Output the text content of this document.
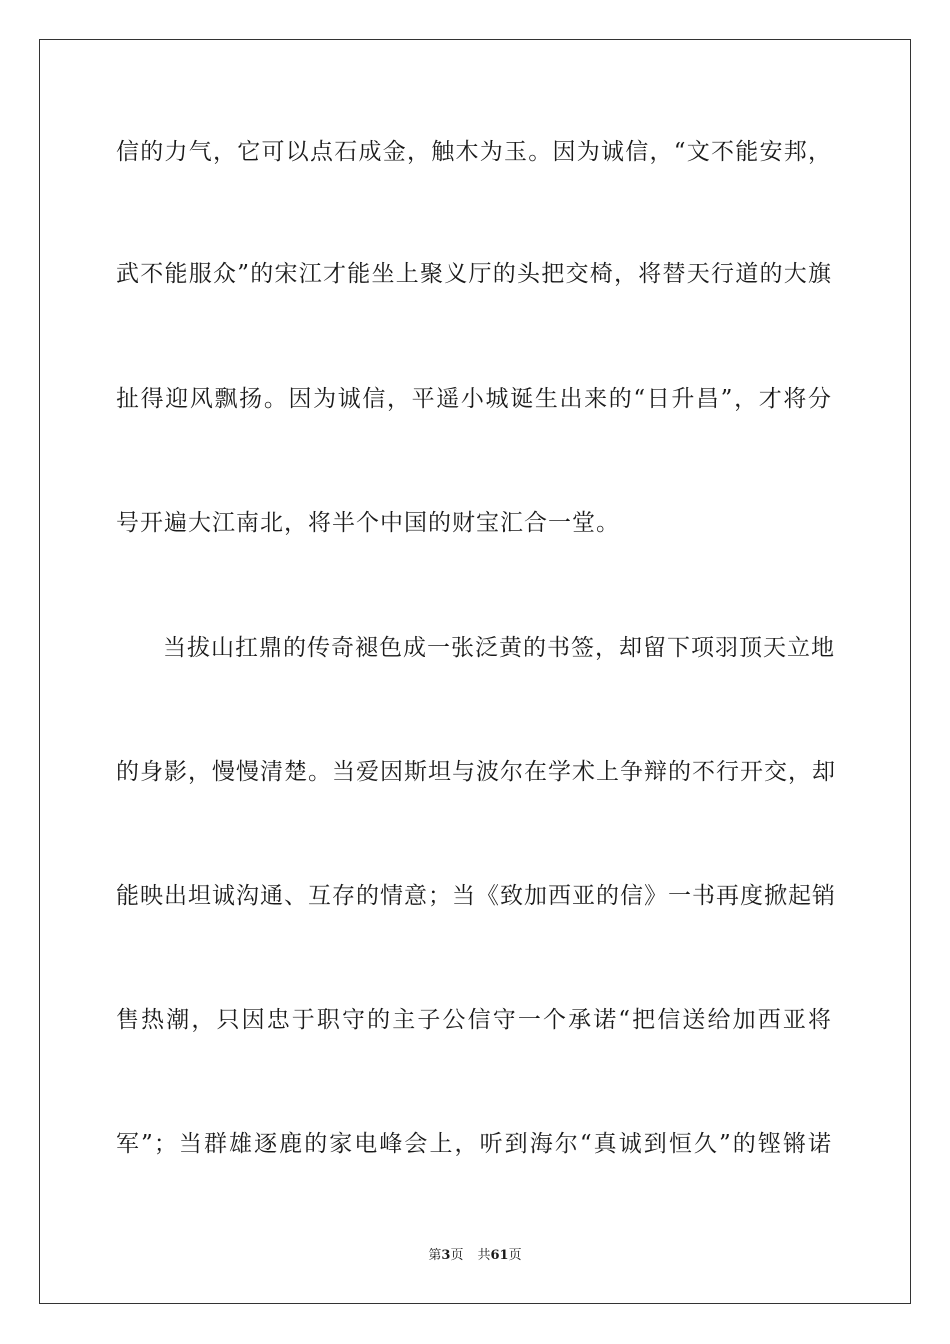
信的力气，它可以点石成金，触木为玉。因为诚信，“文不能安邦，
武不能服众”的宋江才能坐上聚义厅的头把交椅，将替天行道的大旗
扯得迎风飘扬。因为诚信，平遥小城诞生出来的“日升昌”，才将分
号开遍大江南北，将半个中国的财宝汇合一堂。
当拔山扛鼎的传奇褪色成一张泛黄的书签，却留下项羽顶天立地
的身影，慢慢清楚。当爱因斯坦与波尔在学术上争辩的不行开交，却
能映出坦诚沟通、互存的情意；当《致加西亚的信》一书再度掀起销
售热潮，只因忠于职守的主子公信守一个承诺“把信送给加西亚将
军”；当群雄逐鹿的家电峰会上，听到海尔“真诚到恒久”的铿锵诺
第3页 共61页
